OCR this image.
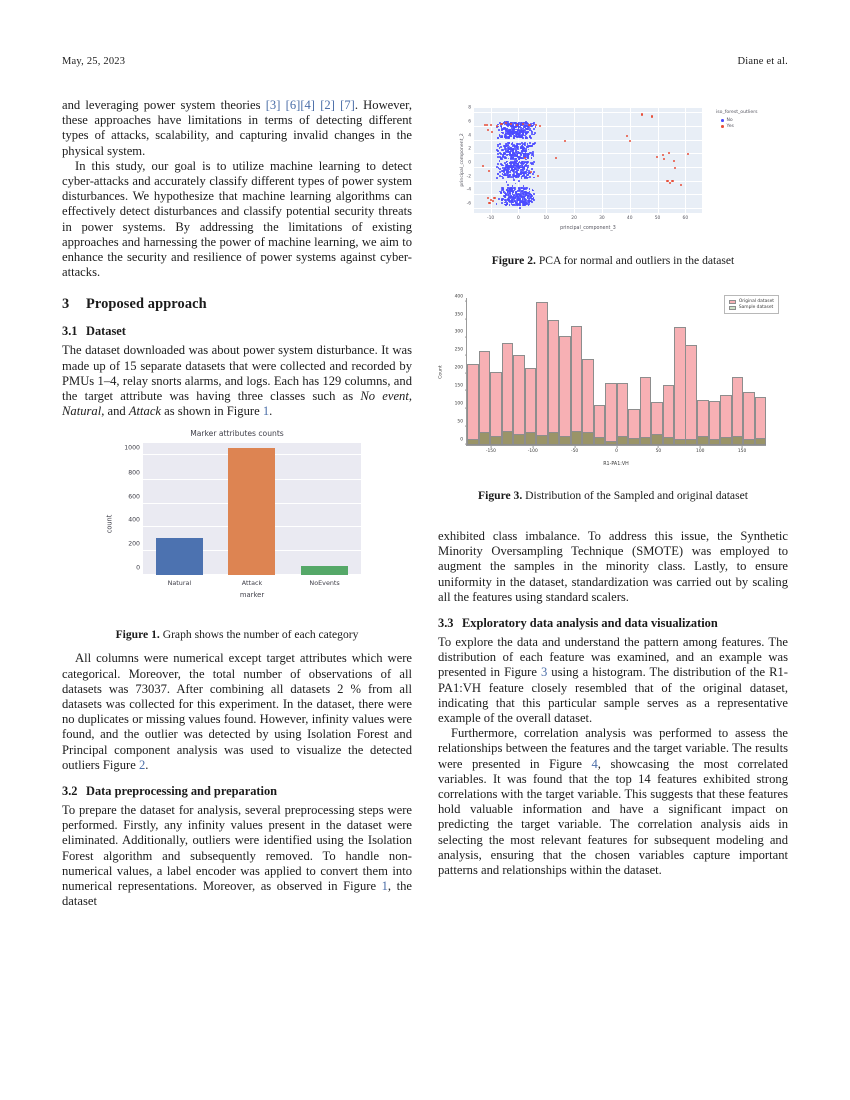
May, 25, 2023	Diane et al.

and leveraging power system theories [3] [6][4] [2] [7]. However, these approaches have limitations in terms of detecting different types of attacks, scalability, and capturing invalid changes in the physical system.

In this study, our goal is to utilize machine learning to detect cyber-attacks and accurately classify different types of power system disturbances. We hypothesize that machine learning algorithms can effectively detect disturbances and classify potential security threats in power systems. By addressing the limitations of existing approaches and harnessing the power of machine learning, we aim to enhance the security and resilience of power systems against cyber-attacks.

3 Proposed approach
3.1 Dataset

The dataset downloaded was about power system disturbance. It was made up of 15 separate datasets that were collected and recorded by PMUs 1–4, relay snorts alarms, and logs. Each has 129 columns, and the target attribute was having three classes such as No event, Natural, and Attack as shown in Figure 1.

Marker attributes counts
0
200
400
600
800
1000
Natural	Attack	NoEvents
count
marker

Figure 1. Graph shows the number of each category

All columns were numerical except target attributes which were categorical. Moreover, the total number of observations of all datasets was 73037. After combining all datasets 2 % from all datasets was collected for this experiment. In the dataset, there were no duplicates or missing values found. However, infinity values were found, and the outlier was detected by using Isolation Forest and Principal component analysis was used to visualize the detected outliers Figure 2.

3.2 Data preprocessing and preparation

To prepare the dataset for analysis, several preprocessing steps were performed. Firstly, any infinity values present in the dataset were eliminated. Additionally, outliers were identified using the Isolation Forest algorithm and subsequently removed. To handle non-numerical values, a label encoder was applied to convert them into numerical representations. Moreover, as observed in Figure 1, the dataset

-6
-4
-2
0
2
4
6
8
-10	0	10	20	30	40	50	60
principal_component_2
principal_component_3
iso_forest_outliers
No
Yes

Figure 2. PCA for normal and outliers in the dataset

0
50
100
150
200
250
300
350
400
-150	-100	-50	0	50	100	150
Count
R1-PA1:VH
Original dataset
Sample dataset

Figure 3. Distribution of the Sampled and original dataset

exhibited class imbalance. To address this issue, the Synthetic Minority Oversampling Technique (SMOTE) was employed to augment the samples in the minority class. Lastly, to ensure uniformity in the dataset, standardization was carried out by scaling all the features using standard scalers.

3.3 Exploratory data analysis and data visualization

To explore the data and understand the pattern among features. The distribution of each feature was examined, and an example was presented in Figure 3 using a histogram. The distribution of the R1-PA1:VH feature closely resembled that of the original dataset, indicating that this particular sample serves as a representative example of the overall dataset.

Furthermore, correlation analysis was performed to assess the relationships between the features and the target variable. The results were presented in Figure 4, showcasing the most correlated variables. It was found that the top 14 features exhibited strong correlations with the target variable. This suggests that these features hold valuable information and have a significant impact on predicting the target variable. The correlation analysis aids in selecting the most relevant features for subsequent modeling and analysis, ensuring that the chosen variables capture important patterns and relationships within the dataset.
